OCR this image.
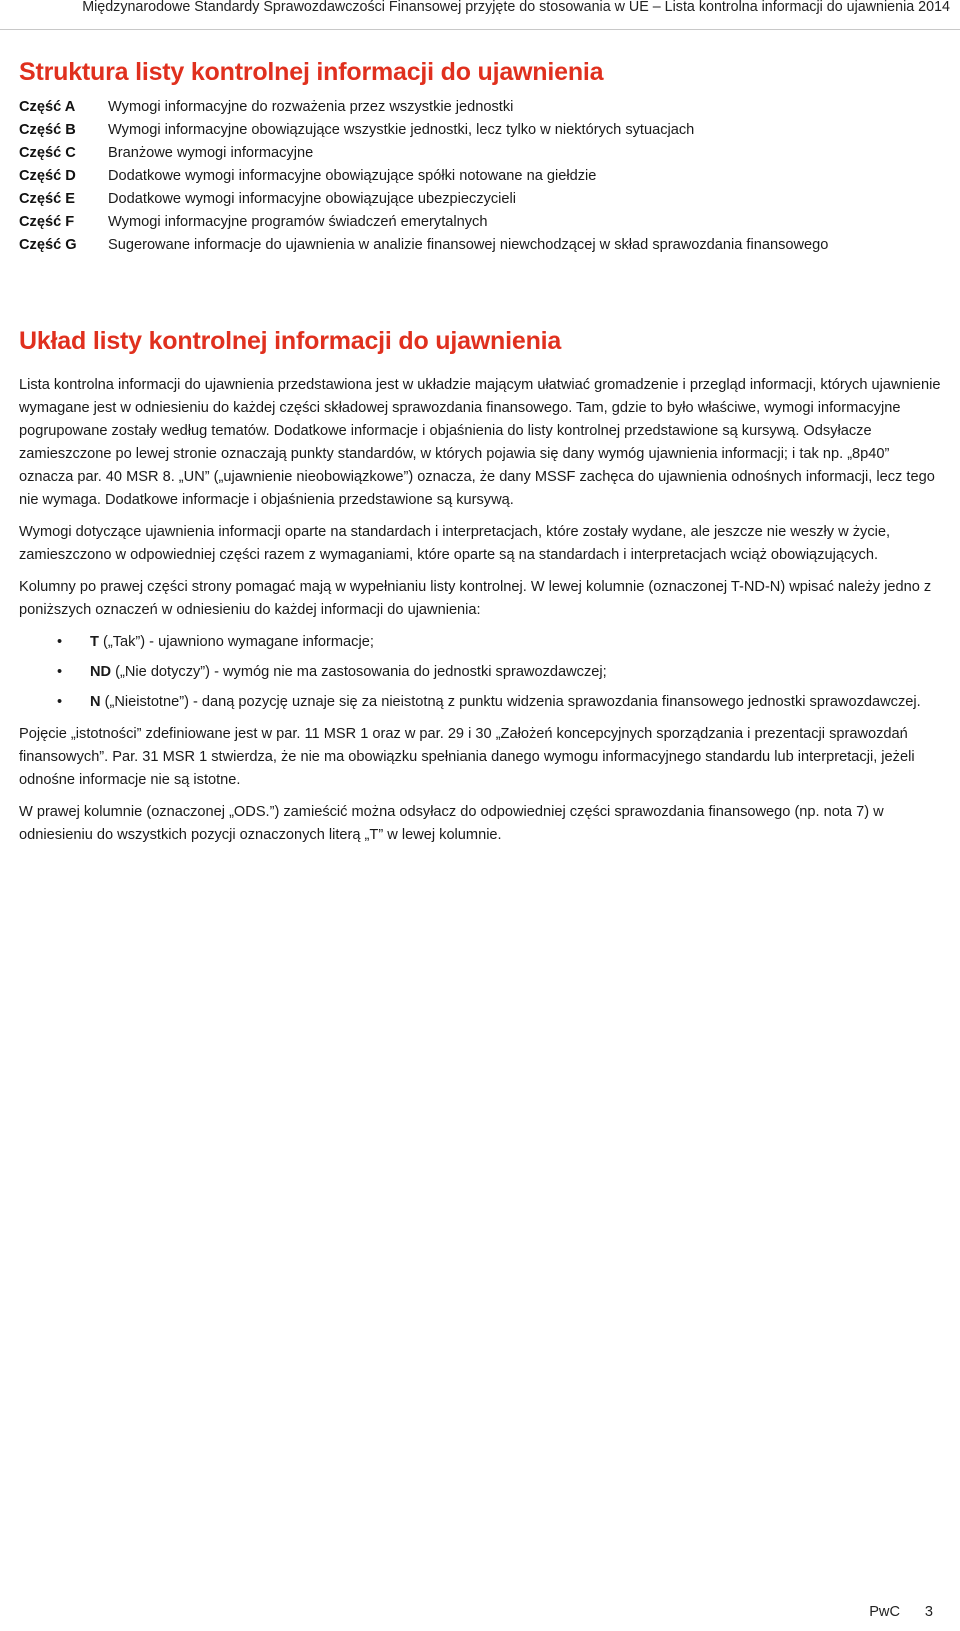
Międzynarodowe Standardy Sprawozdawczości Finansowej przyjęte do stosowania w UE – Lista kontrolna informacji do ujawnienia 2014
Struktura listy kontrolnej informacji do ujawnienia
Część A	Wymogi informacyjne do rozważenia przez wszystkie jednostki
Część B	Wymogi informacyjne obowiązujące wszystkie jednostki, lecz tylko w niektórych sytuacjach
Część C	Branżowe wymogi informacyjne
Część D	Dodatkowe wymogi informacyjne obowiązujące spółki notowane na giełdzie
Część E	Dodatkowe wymogi informacyjne obowiązujące ubezpieczycieli
Część F	Wymogi informacyjne programów świadczeń emerytalnych
Część G	Sugerowane informacje do ujawnienia w analizie finansowej niewchodzącej w skład sprawozdania finansowego
Układ listy kontrolnej informacji do ujawnienia

Lista kontrolna informacji do ujawnienia przedstawiona jest w układzie mającym ułatwiać gromadzenie i przegląd informacji, których ujawnienie wymagane jest w odniesieniu do każdej części składowej sprawozdania finansowego. Tam, gdzie to było właściwe, wymogi informacyjne pogrupowane zostały według tematów. Dodatkowe informacje i objaśnienia do listy kontrolnej przedstawione są kursywą. Odsyłacze zamieszczone po lewej stronie oznaczają punkty standardów, w których pojawia się dany wymóg ujawnienia informacji; i tak np. „8p40” oznacza par. 40 MSR 8. „UN” („ujawnienie nieobowiązkowe”) oznacza, że dany MSSF zachęca do ujawnienia odnośnych informacji, lecz tego nie wymaga. Dodatkowe informacje i objaśnienia przedstawione są kursywą.

Wymogi dotyczące ujawnienia informacji oparte na standardach i interpretacjach, które zostały wydane, ale jeszcze nie weszły w życie, zamieszczono w odpowiedniej części razem z wymaganiami, które oparte są na standardach i interpretacjach wciąż obowiązujących.

Kolumny po prawej części strony pomagać mają w wypełnianiu listy kontrolnej. W lewej kolumnie (oznaczonej T-ND-N) wpisać należy jedno z poniższych oznaczeń w odniesieniu do każdej informacji do ujawnienia:

• T („Tak”) - ujawniono wymagane informacje;
• ND („Nie dotyczy”) - wymóg nie ma zastosowania do jednostki sprawozdawczej;
• N („Nieistotne”) - daną pozycję uznaje się za nieistotną z punktu widzenia sprawozdania finansowego jednostki sprawozdawczej.

Pojęcie „istotności” zdefiniowane jest w par. 11 MSR 1 oraz w par. 29 i 30 „Założeń koncepcyjnych sporządzania i prezentacji sprawozdań finansowych”. Par. 31 MSR 1 stwierdza, że nie ma obowiązku spełniania danego wymogu informacyjnego standardu lub interpretacji, jeżeli odnośne informacje nie są istotne.

W prawej kolumnie (oznaczonej „ODS.”) zamieścić można odsyłacz do odpowiedniej części sprawozdania finansowego (np. nota 7) w odniesieniu do wszystkich pozycji oznaczonych literą „T” w lewej kolumnie.

PwC 3
